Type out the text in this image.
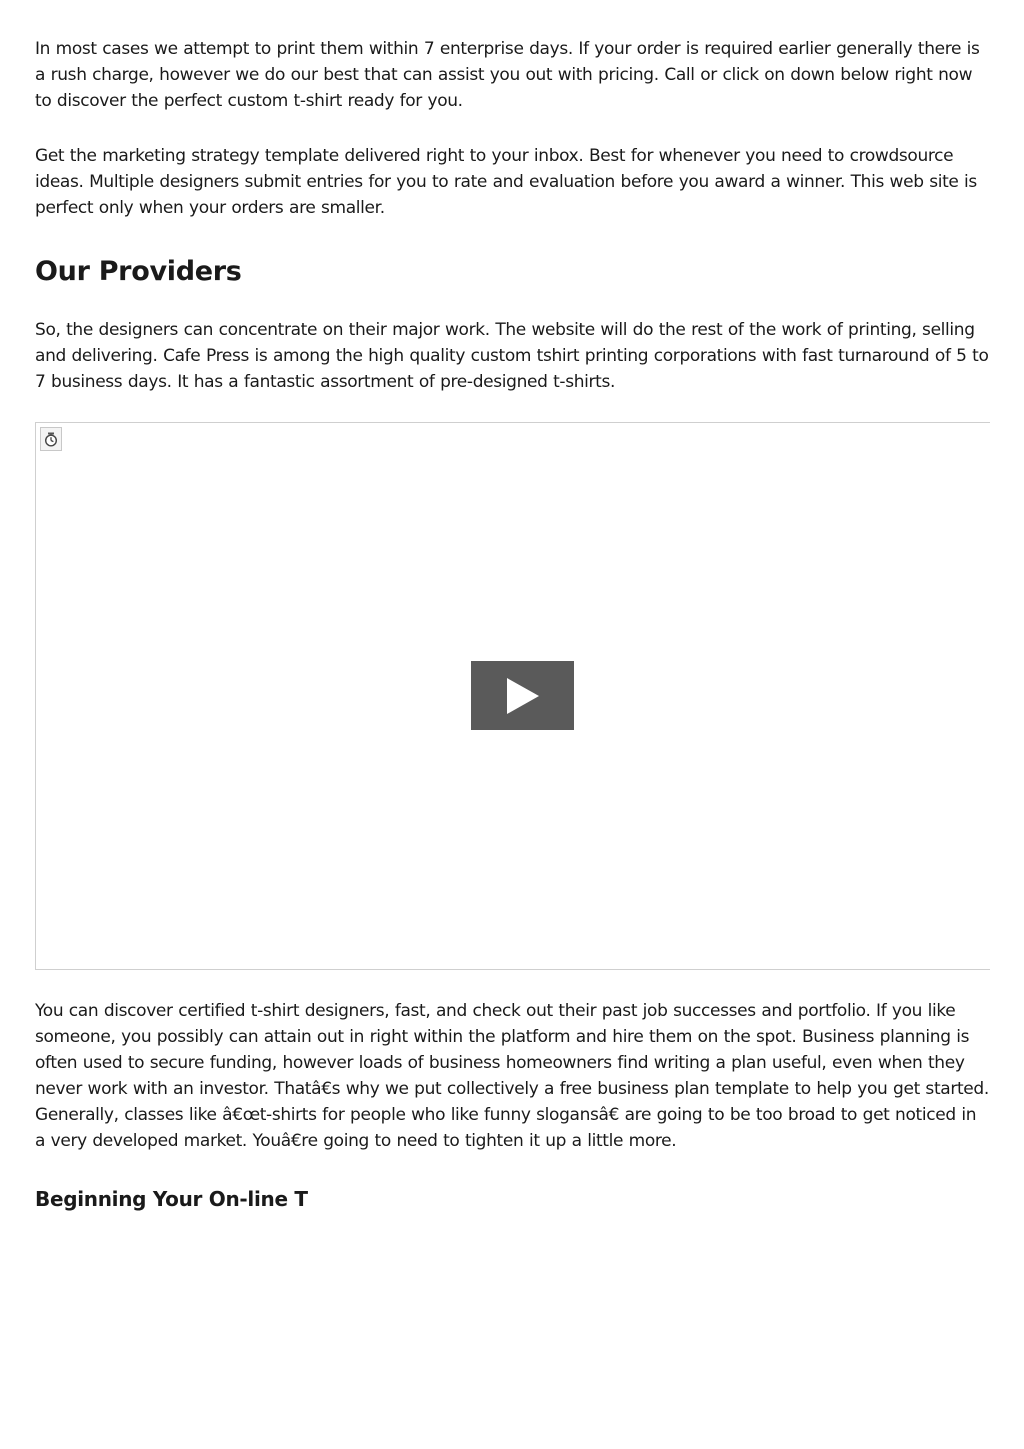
In most cases we attempt to print them within 7 enterprise days. If your order is required earlier generally there is a rush charge, however we do our best that can assist you out with pricing. Call or click on down below right now to discover the perfect custom t-shirt ready for you.

Get the marketing strategy template delivered right to your inbox. Best for whenever you need to crowdsource ideas. Multiple designers submit entries for you to rate and evaluation before you award a winner. This web site is perfect only when your orders are smaller.

Our Providers

So, the designers can concentrate on their major work. The website will do the rest of the work of printing, selling and delivering. Cafe Press is among the high quality custom tshirt printing corporations with fast turnaround of 5 to 7 business days. It has a fantastic assortment of pre-designed t-shirts.

You can discover certified t-shirt designers, fast, and check out their past job successes and portfolio. If you like someone, you possibly can attain out in right within the platform and hire them on the spot. Business planning is often used to secure funding, however loads of business homeowners find writing a plan useful, even when they never work with an investor. Thatâ€s why we put collectively a free business plan template to help you get started. Generally, classes like â€œt-shirts for people who like funny slogansâ€ are going to be too broad to get noticed in a very developed market. Youâ€re going to need to tighten it up a little more.

Beginning Your On-line T
